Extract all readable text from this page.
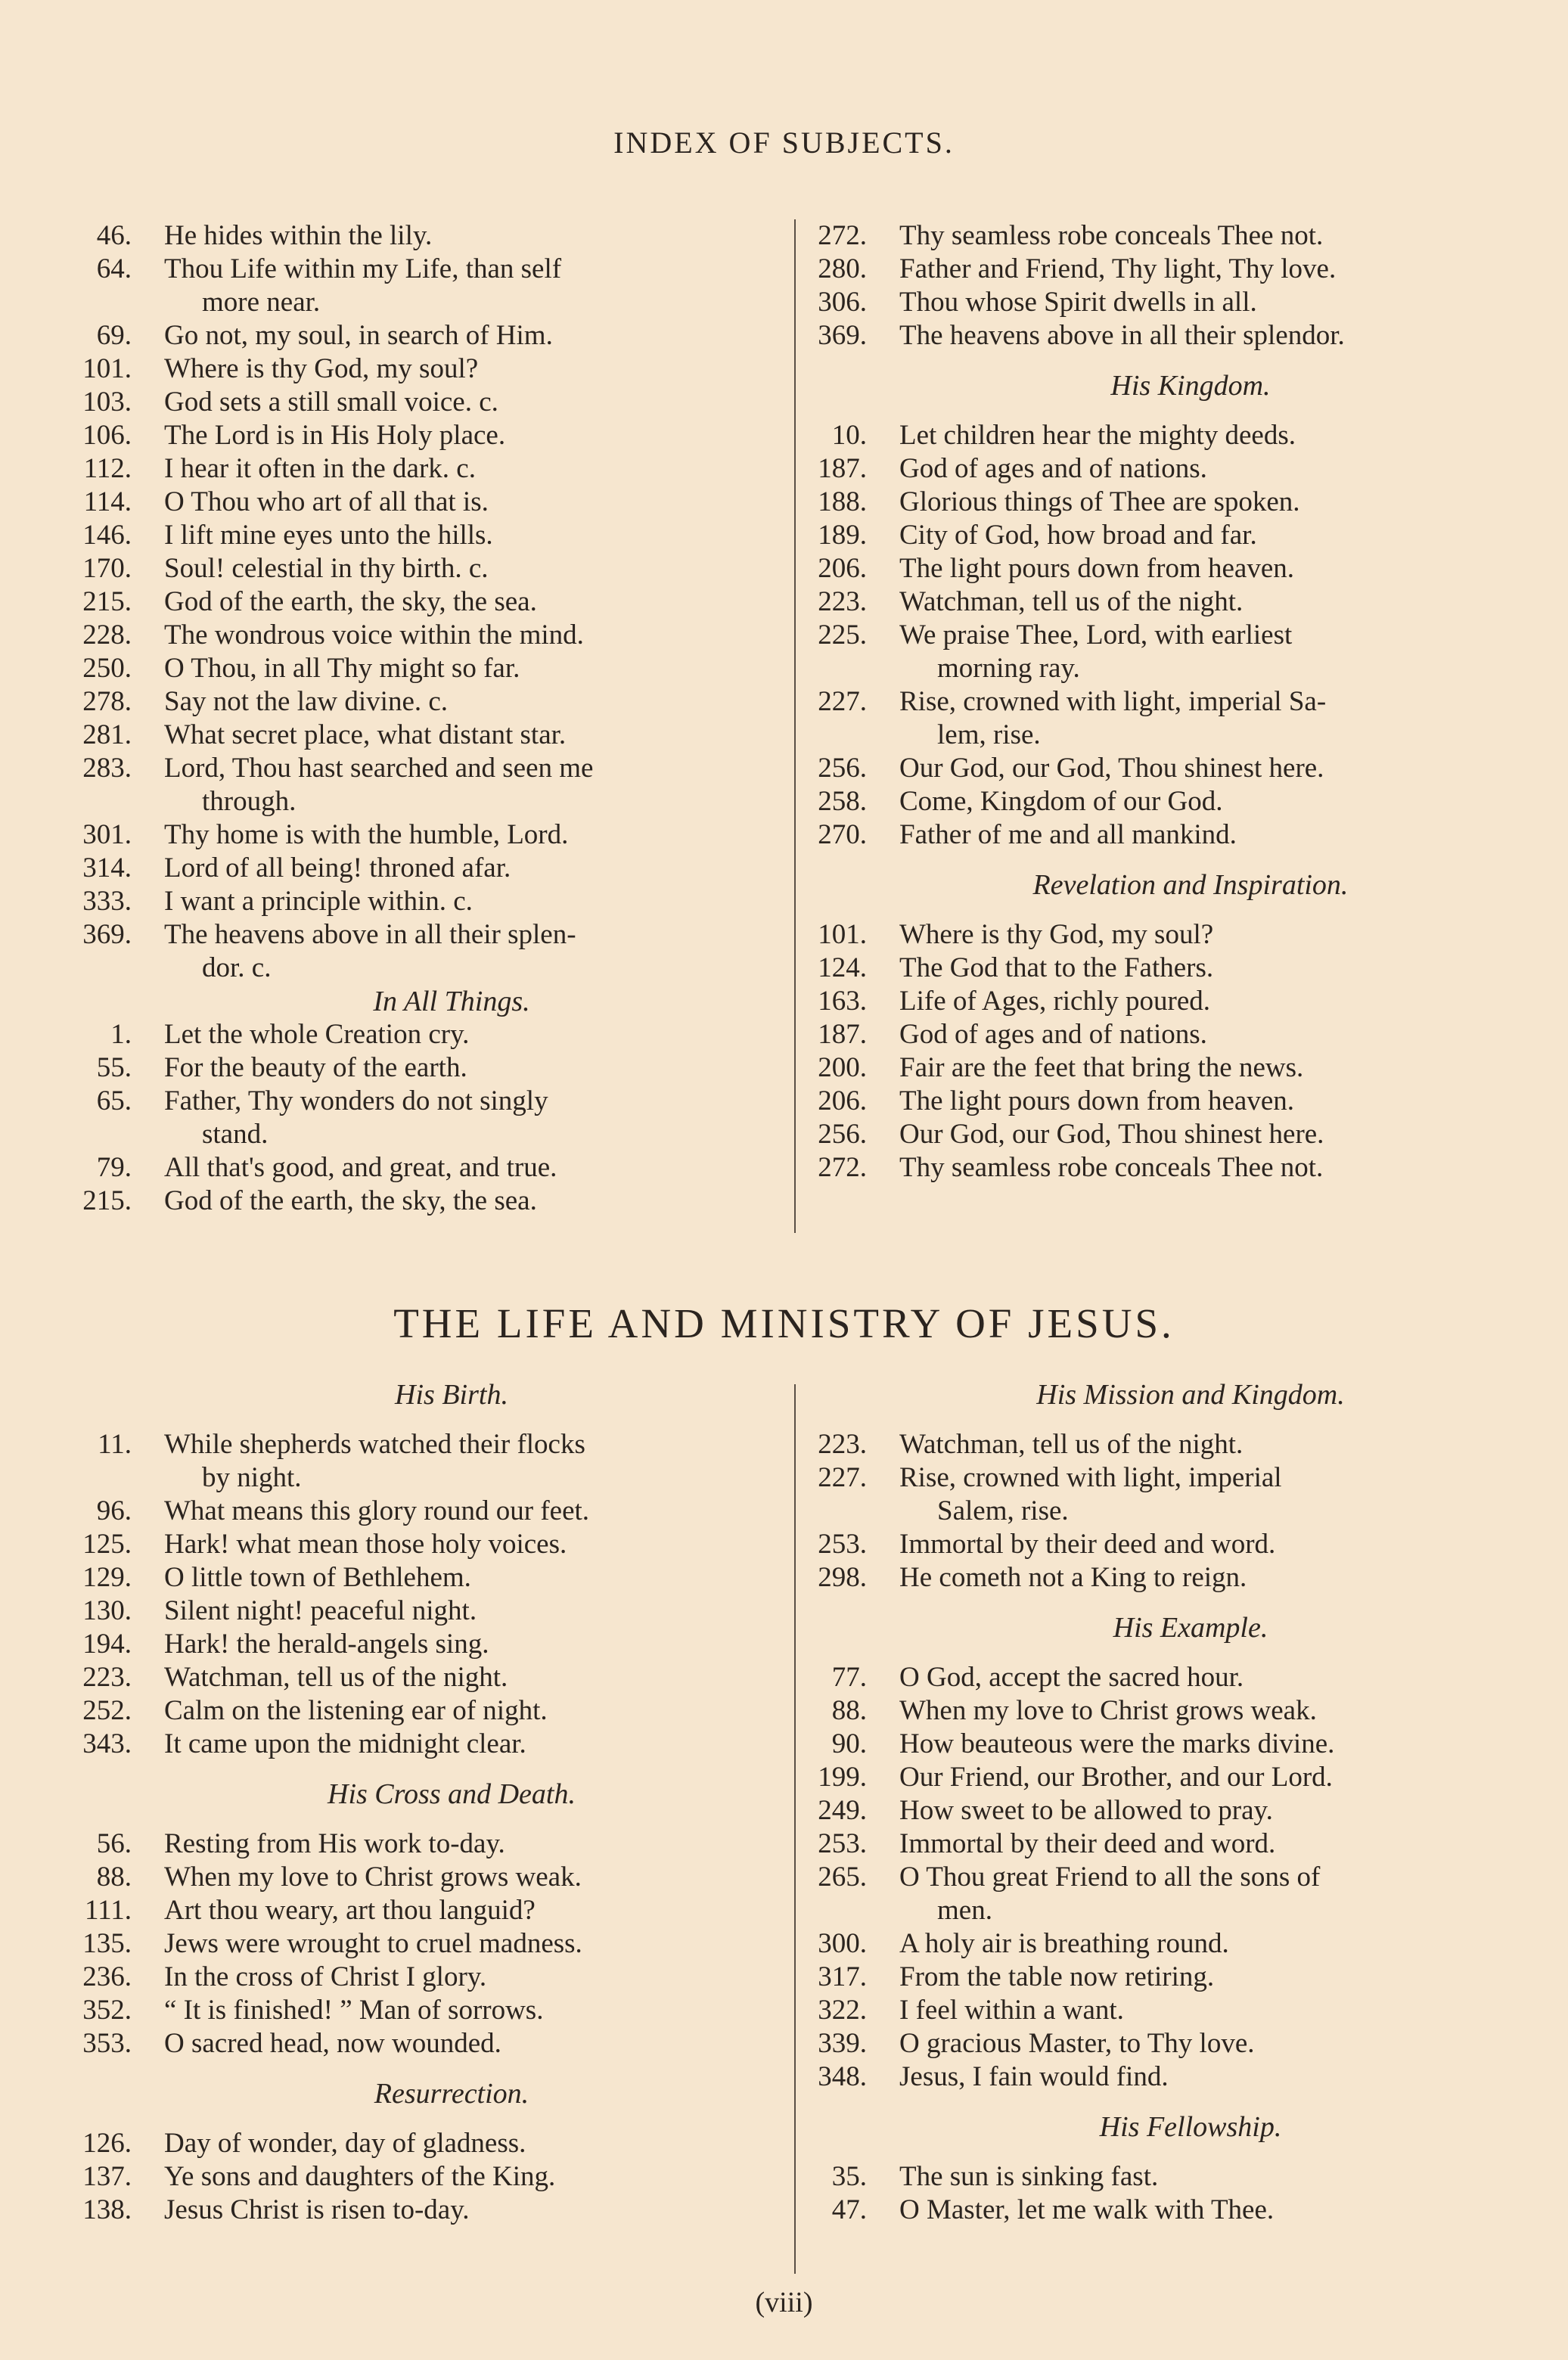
INDEX OF SUBJECTS.
46. He hides within the lily.
64. Thou Life within my Life, than self
more near.
69. Go not, my soul, in search of Him.
101. Where is thy God, my soul?
103. God sets a still small voice. c.
106. The Lord is in His Holy place.
112. I hear it often in the dark. c.
114. O Thou who art of all that is.
146. I lift mine eyes unto the hills.
170. Soul! celestial in thy birth. c.
215. God of the earth, the sky, the sea.
228. The wondrous voice within the mind.
250. O Thou, in all Thy might so far.
278. Say not the law divine. c.
281. What secret place, what distant star.
283. Lord, Thou hast searched and seen me
through.
301. Thy home is with the humble, Lord.
314. Lord of all being! throned afar.
333. I want a principle within. c.
369. The heavens above in all their splen-
dor. c.
In All Things.
1. Let the whole Creation cry.
55. For the beauty of the earth.
65. Father, Thy wonders do not singly
stand.
79. All that's good, and great, and true.
215. God of the earth, the sky, the sea.
272. Thy seamless robe conceals Thee not.
280. Father and Friend, Thy light, Thy love.
306. Thou whose Spirit dwells in all.
369. The heavens above in all their splendor.
His Kingdom.
10. Let children hear the mighty deeds.
187. God of ages and of nations.
188. Glorious things of Thee are spoken.
189. City of God, how broad and far.
206. The light pours down from heaven.
223. Watchman, tell us of the night.
225. We praise Thee, Lord, with earliest
morning ray.
227. Rise, crowned with light, imperial Sa-
lem, rise.
256. Our God, our God, Thou shinest here.
258. Come, Kingdom of our God.
270. Father of me and all mankind.
Revelation and Inspiration.
101. Where is thy God, my soul?
124. The God that to the Fathers.
163. Life of Ages, richly poured.
187. God of ages and of nations.
200. Fair are the feet that bring the news.
206. The light pours down from heaven.
256. Our God, our God, Thou shinest here.
272. Thy seamless robe conceals Thee not.
THE LIFE AND MINISTRY OF JESUS.
His Birth.
11. While shepherds watched their flocks
by night.
96. What means this glory round our feet.
125. Hark! what mean those holy voices.
129. O little town of Bethlehem.
130. Silent night! peaceful night.
194. Hark! the herald-angels sing.
223. Watchman, tell us of the night.
252. Calm on the listening ear of night.
343. It came upon the midnight clear.
His Cross and Death.
56. Resting from His work to-day.
88. When my love to Christ grows weak.
111. Art thou weary, art thou languid?
135. Jews were wrought to cruel madness.
236. In the cross of Christ I glory.
352. “ It is finished! ” Man of sorrows.
353. O sacred head, now wounded.
Resurrection.
126. Day of wonder, day of gladness.
137. Ye sons and daughters of the King.
138. Jesus Christ is risen to-day.
His Mission and Kingdom.
223. Watchman, tell us of the night.
227. Rise, crowned with light, imperial
Salem, rise.
253. Immortal by their deed and word.
298. He cometh not a King to reign.
His Example.
77. O God, accept the sacred hour.
88. When my love to Christ grows weak.
90. How beauteous were the marks divine.
199. Our Friend, our Brother, and our Lord.
249. How sweet to be allowed to pray.
253. Immortal by their deed and word.
265. O Thou great Friend to all the sons of
men.
300. A holy air is breathing round.
317. From the table now retiring.
322. I feel within a want.
339. O gracious Master, to Thy love.
348. Jesus, I fain would find.
His Fellowship.
35. The sun is sinking fast.
47. O Master, let me walk with Thee.
(viii)
